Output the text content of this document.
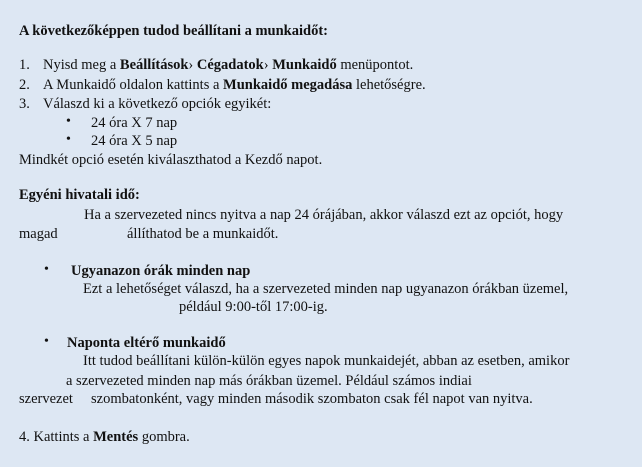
A következőképpen tudod beállítani a munkaidőt:
1. Nyisd meg a Beállítások› Cégadatok› Munkaidő menüpontot.
2. A Munkaidő oldalon kattints a Munkaidő megadása lehetőségre.
3. Válaszd ki a következő opciók egyikét:
• 24 óra X 7 nap
• 24 óra X 5 nap
Mindkét opció esetén kiválaszthatod a Kezdő napot.
Egyéni hivatali idő:
Ha a szervezeted nincs nyitva a nap 24 órájában, akkor válaszd ezt az opciót, hogy
magad	állíthatod be a munkaidőt.
• Ugyanazon órák minden nap
Ezt a lehetőséget válaszd, ha a szervezeted minden nap ugyanazon órákban üzemel,
például 9:00-től 17:00-ig.
• Naponta eltérő munkaidő
Itt tudod beállítani külön-külön egyes napok munkaidejét, abban az esetben, amikor
a szervezeted minden nap más órákban üzemel. Például számos indiai
szervezet szombatonként, vagy minden második szombaton csak fél napot van nyitva.
4. Kattints a Mentés gombra.
